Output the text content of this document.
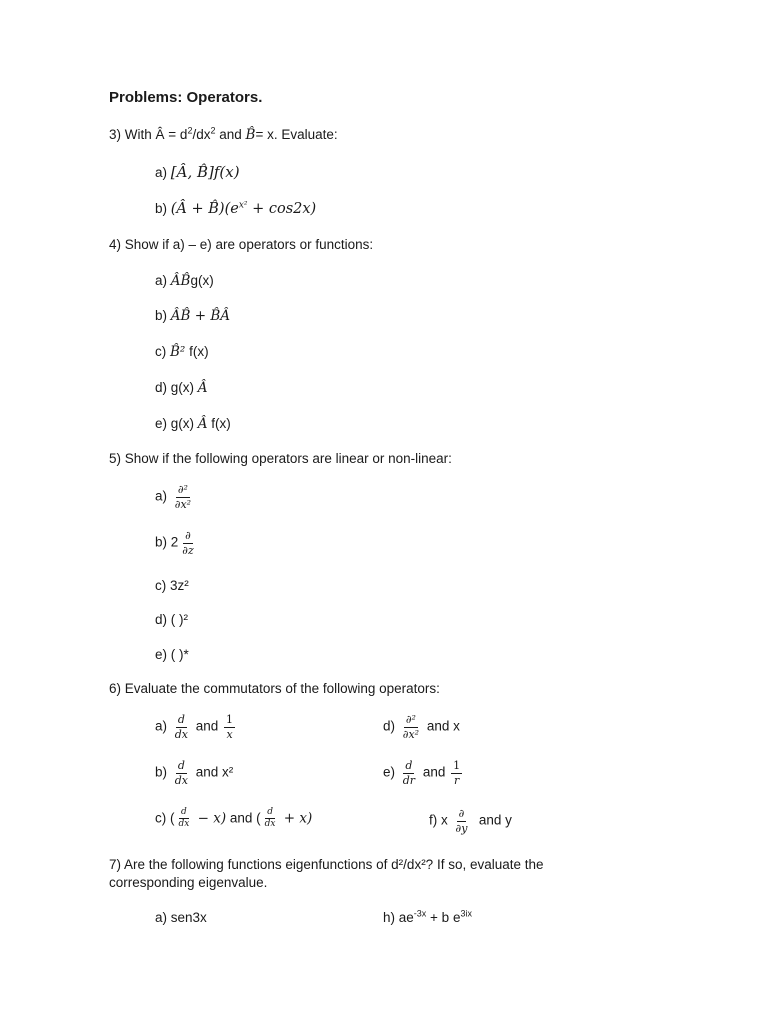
Problems: Operators.
3) With Â = $d^2/dx^2$ and B̂= x. Evaluate:
a) [Â, B̂]f(x)
b) (Â + $B̂)(e^{x^2} + \cos 2x)$
4) Show if a) – e) are operators or functions:
a) ÂB̂g(x)
b) ÂB̂ + B̂Â
c) B̂² f(x)
d) g(x) Â
e) g(x) Â f(x)
5) Show if the following operators are linear or non-linear:
$a) \frac{\text{∂²}}{\text{∂x²}}$
b) $2 \frac{\partial}{\partial z}$
c) 3z²
d) ( )²
e) ( )*
6) Evaluate the commutators of the following operators:
$a) \frac{d}{dx}$ and $\frac{1}{x}$	$d) \frac{\text{∂²}}{\text{∂x²}}$ and x
$b) \frac{d}{dx}$ and x²	$e) \frac{d}{dr}$ and $\frac{1}{r}$
c) ( $\frac{d}{dx} - x$) and ( $\frac{d}{dx} + x$)	f) x $\frac{\partial}{\partial y}$ and y
7) Are the following functions eigenfunctions of d²/dx²? If so, evaluate the
corresponding eigenvalue.
a) sen3x	h) $ae^{-3x} + b$ $e^{3ix}$
